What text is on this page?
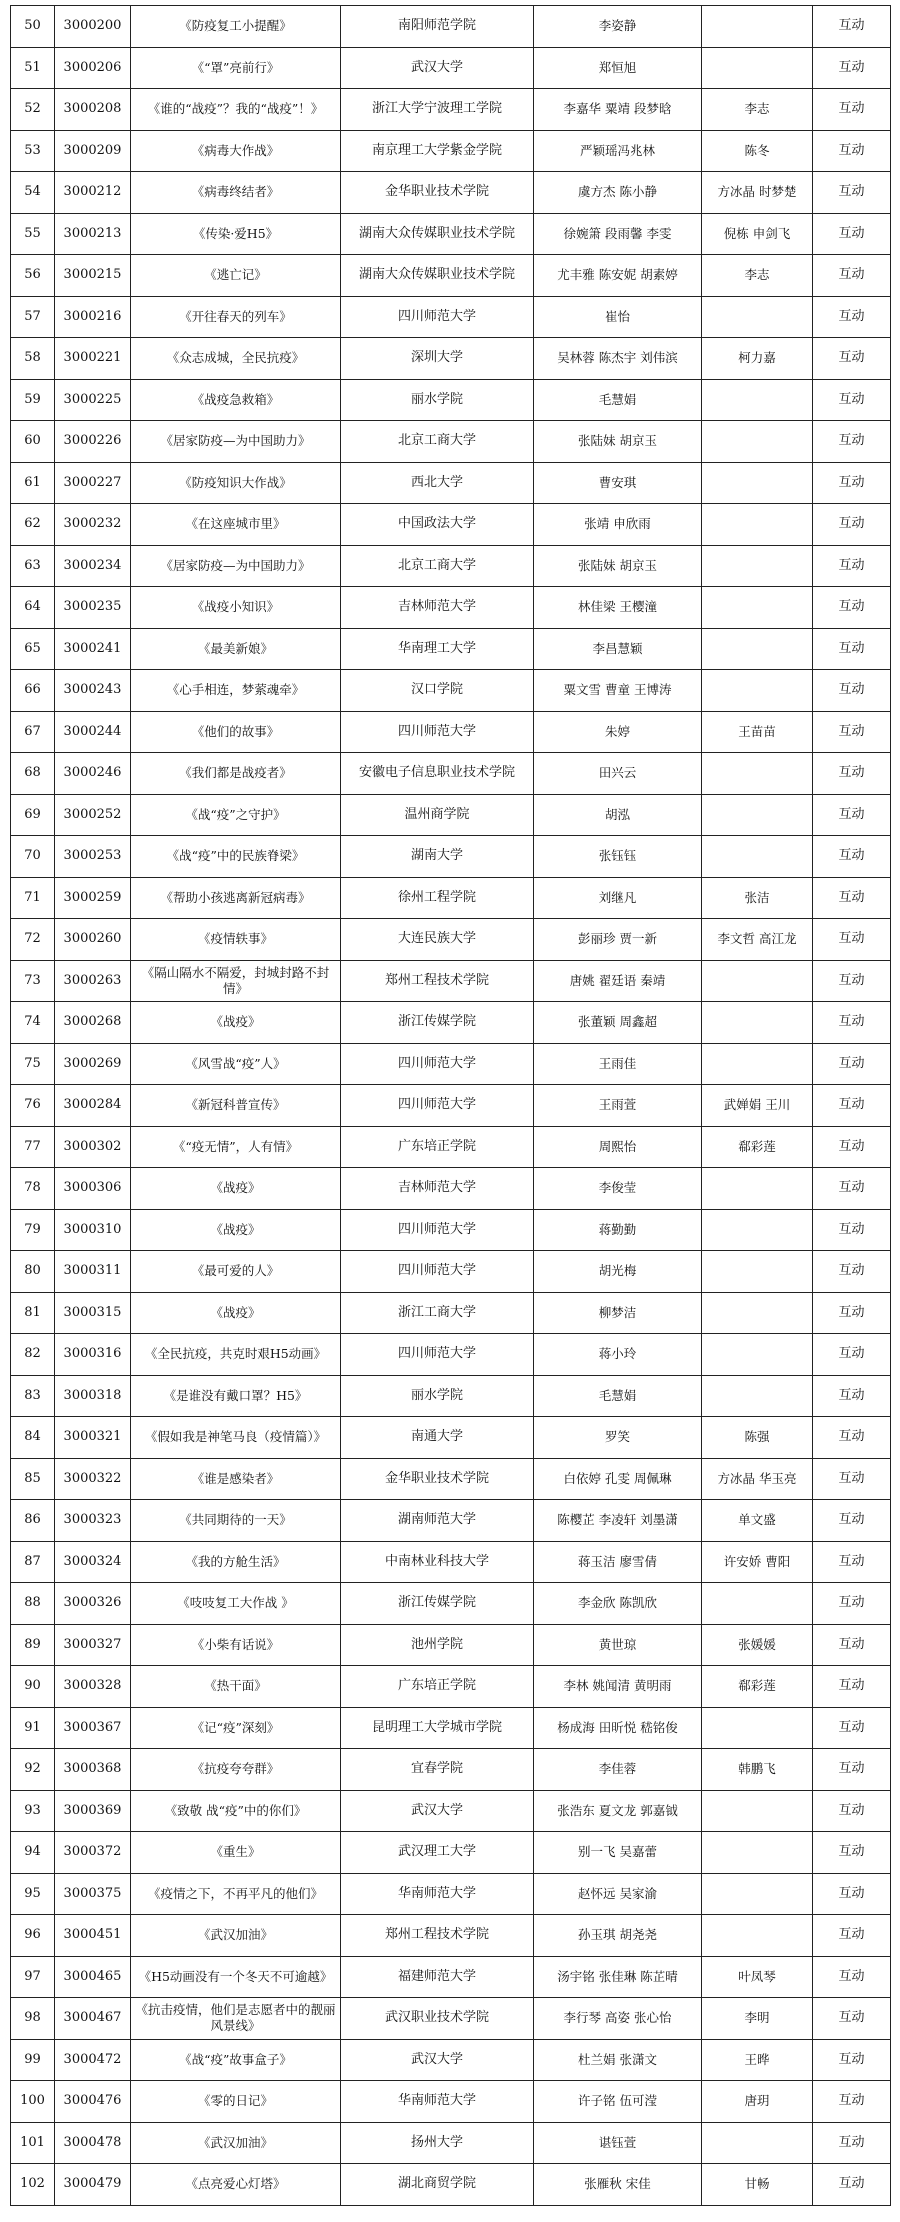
50	3000200	《防疫复工小提醒》	南阳师范学院	李姿静		互动
51	3000206	《“罩”亮前行》	武汉大学	郑恒旭		互动
52	3000208	《谁的“战疫”？我的“战疫”！》	浙江大学宁波理工学院	李嘉华 粟靖 段梦晗	李志	互动
53	3000209	《病毒大作战》	南京理工大学紫金学院	严颖瑶冯兆林	陈冬	互动
54	3000212	《病毒终结者》	金华职业技术学院	虞方杰 陈小静	方冰晶 时梦楚	互动
55	3000213	《传染·爱H5》	湖南大众传媒职业技术学院	徐婉箫 段雨馨 李雯	倪栋 申剑飞	互动
56	3000215	《逃亡记》	湖南大众传媒职业技术学院	尤丰雅 陈安妮 胡素婷	李志	互动
57	3000216	《开往春天的列车》	四川师范大学	崔怡		互动
58	3000221	《众志成城，全民抗疫》	深圳大学	吴林蓉 陈杰宇 刘伟滨	柯力嘉	互动
59	3000225	《战疫急救箱》	丽水学院	毛慧娟		互动
60	3000226	《居家防疫—为中国助力》	北京工商大学	张陆妹 胡京玉		互动
61	3000227	《防疫知识大作战》	西北大学	曹安琪		互动
62	3000232	《在这座城市里》	中国政法大学	张靖 申欣雨		互动
63	3000234	《居家防疫—为中国助力》	北京工商大学	张陆妹 胡京玉		互动
64	3000235	《战疫小知识》	吉林师范大学	林佳梁 王樱潼		互动
65	3000241	《最美新娘》	华南理工大学	李昌慧颖		互动
66	3000243	《心手相连，梦萦魂牵》	汉口学院	粟文雪 曹童 王博涛		互动
67	3000244	《他们的故事》	四川师范大学	朱婷	王苗苗	互动
68	3000246	《我们都是战疫者》	安徽电子信息职业技术学院	田兴云		互动
69	3000252	《战“疫”之守护》	温州商学院	胡泓		互动
70	3000253	《战“疫”中的民族脊梁》	湖南大学	张钰钰		互动
71	3000259	《帮助小孩逃离新冠病毒》	徐州工程学院	刘继凡	张洁	互动
72	3000260	《疫情轶事》	大连民族大学	彭丽珍 贾一新	李文哲 高江龙	互动
73	3000263	《隔山隔水不隔爱，封城封路不封情》	郑州工程技术学院	唐姚 翟廷语 秦靖		互动
74	3000268	《战疫》	浙江传媒学院	张董颖 周鑫超		互动
75	3000269	《风雪战“疫”人》	四川师范大学	王雨佳		互动
76	3000284	《新冠科普宣传》	四川师范大学	王雨萱	武婵娟 王川	互动
77	3000302	《“疫无情”，人有情》	广东培正学院	周熙怡	郗彩莲	互动
78	3000306	《战疫》	吉林师范大学	李俊莹		互动
79	3000310	《战疫》	四川师范大学	蒋勤勤		互动
80	3000311	《最可爱的人》	四川师范大学	胡光梅		互动
81	3000315	《战疫》	浙江工商大学	柳梦洁		互动
82	3000316	《全民抗疫，共克时艰H5动画》	四川师范大学	蒋小玲		互动
83	3000318	《是谁没有戴口罩？H5》	丽水学院	毛慧娟		互动
84	3000321	《假如我是神笔马良（疫情篇）》	南通大学	罗笑	陈强	互动
85	3000322	《谁是感染者》	金华职业技术学院	白依婷 孔雯 周佩琳	方冰晶 华玉亮	互动
86	3000323	《共同期待的一天》	湖南师范大学	陈樱芷 李凌轩 刘墨潇	单文盛	互动
87	3000324	《我的方舱生活》	中南林业科技大学	蒋玉洁 廖雪倩	许安娇 曹阳	互动
88	3000326	《吱吱复工大作战 》	浙江传媒学院	李金欣 陈凯欣		互动
89	3000327	《小柴有话说》	池州学院	黄世琼	张媛媛	互动
90	3000328	《热干面》	广东培正学院	李林 姚闻清 黄明雨	郗彩莲	互动
91	3000367	《记“疫”深刻》	昆明理工大学城市学院	杨成海 田昕悦 嵇铭俊		互动
92	3000368	《抗疫夸夸群》	宜春学院	李佳蓉	韩鹏飞	互动
93	3000369	《致敬 战“疫”中的你们》	武汉大学	张浩东 夏文龙 郭嘉钺		互动
94	3000372	《重生》	武汉理工大学	别一飞 吴嘉蕾		互动
95	3000375	《疫情之下，不再平凡的他们》	华南师范大学	赵怀远 吴家渝		互动
96	3000451	《武汉加油》	郑州工程技术学院	孙玉琪 胡尧尧		互动
97	3000465	《H5动画没有一个冬天不可逾越》	福建师范大学	汤宇铭 张佳琳 陈芷晴	叶凤琴	互动
98	3000467	《抗击疫情，他们是志愿者中的靓丽风景线》	武汉职业技术学院	李行琴 高姿 张心怡	李明	互动
99	3000472	《战“疫”故事盒子》	武汉大学	杜兰娟 张潇文	王晔	互动
100	3000476	《零的日记》	华南师范大学	许子铭 伍可滢	唐玥	互动
101	3000478	《武汉加油》	扬州大学	谌钰萱		互动
102	3000479	《点亮爱心灯塔》	湖北商贸学院	张雁秋 宋佳	甘畅	互动
